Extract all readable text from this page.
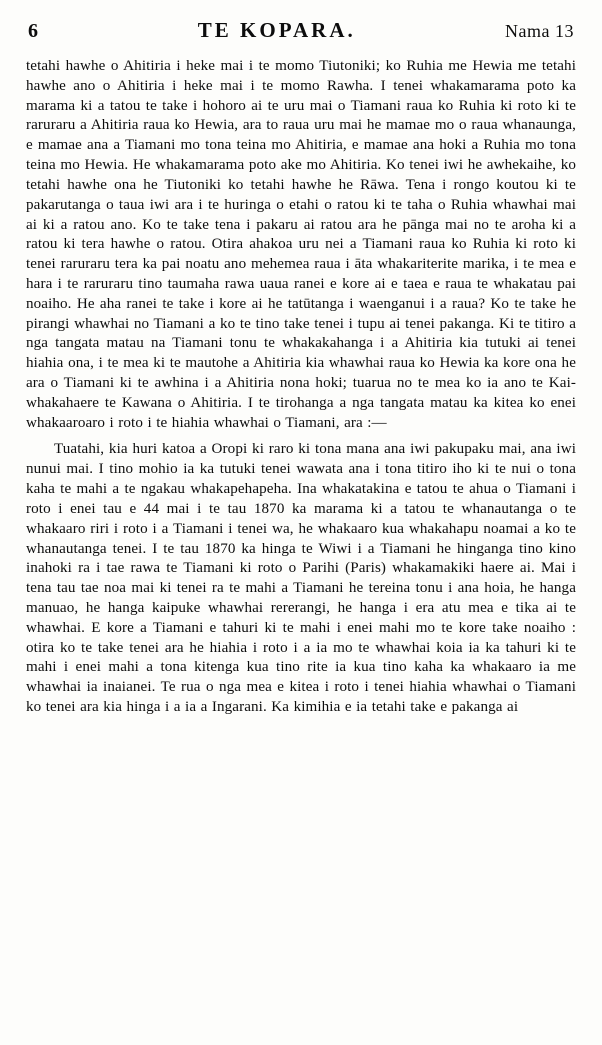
6	TE KOPARA.	Nama 13

tetahi hawhe o Ahitiria i heke mai i te momo Tiutoniki; ko Ruhia me Hewia me tetahi hawhe ano o Ahitiria i heke mai i te momo Rawha. I tenei whakamarama poto ka marama ki a tatou te take i hohoro ai te uru mai o Tiamani raua ko Ruhia ki roto ki te raruraru a Ahitiria raua ko Hewia, ara to raua uru mai he mamae mo o raua whanaunga, e mamae ana a Tiamani mo tona teina mo Ahitiria, e mamae ana hoki a Ruhia mo tona teina mo Hewia. He whakamarama poto ake mo Ahitiria. Ko tenei iwi he awhekaihe, ko tetahi hawhe ona he Tiutoniki ko tetahi hawhe he Rāwa. Tena i rongo koutou ki te pakarutanga o taua iwi ara i te huringa o etahi o ratou ki te taha o Ruhia whawhai mai ai ki a ratou ano. Ko te take tena i pakaru ai ratou ara he pānga mai no te aroha ki a ratou ki tera hawhe o ratou. Otira ahakoa uru nei a Tiamani raua ko Ruhia ki roto ki tenei raruraru tera ka pai noatu ano mehemea raua i āta whakariterite marika, i te mea e hara i te raruraru tino taumaha rawa uaua ranei e kore ai e taea e raua te whakatau pai noaiho. He aha ranei te take i kore ai he tatūtanga i waenganui i a raua? Ko te take he pirangi whawhai no Tiamani a ko te tino take tenei i tupu ai tenei pakanga. Ki te titiro a nga tangata matau na Tiamani tonu te whakakahanga i a Ahitiria kia tutuki ai tenei hiahia ona, i te mea ki te mautohe a Ahitiria kia whawhai raua ko Hewia ka kore ona he ara o Tiamani ki te awhina i a Ahitiria nona hoki; tuarua no te mea ko ia ano te Kai-whakahaere te Kawana o Ahitiria. I te tirohanga a nga tangata matau ka kitea ko enei whakaaroaro i roto i te hiahia whawhai o Tiamani, ara :—

Tuatahi, kia huri katoa a Oropi ki raro ki tona mana ana iwi pakupaku mai, ana iwi nunui mai. I tino mohio ia ka tutuki tenei wawata ana i tona titiro iho ki te nui o tona kaha te mahi a te ngakau whakapehapeha. Ina whakatakina e tatou te ahua o Tiamani i roto i enei tau e 44 mai i te tau 1870 ka marama ki a tatou te whanautanga o te whakaaro riri i roto i a Tiamani i tenei wa, he whakaaro kua whakahapu noamai a ko te whanautanga tenei. I te tau 1870 ka hinga te Wiwi i a Tiamani he hinganga tino kino inahoki ra i tae rawa te Tiamani ki roto o Parihi (Paris) whakamakiki haere ai. Mai i tena tau tae noa mai ki tenei ra te mahi a Tiamani he tereina tonu i ana hoia, he hanga manuao, he hanga kaipuke whawhai rererangi, he hanga i era atu mea e tika ai te whawhai. E kore a Tiamani e tahuri ki te mahi i enei mahi mo te kore take noaiho : otira ko te take tenei ara he hiahia i roto i a ia mo te whawhai koia ia ka tahuri ki te mahi i enei mahi a tona kitenga kua tino rite ia kua tino kaha ka whakaaro ia me whawhai ia inaianei. Te rua o nga mea e kitea i roto i tenei hiahia whawhai o Tiamani ko tenei ara kia hinga i a ia a Ingarani. Ka kimihia e ia tetahi take e pakanga ai
